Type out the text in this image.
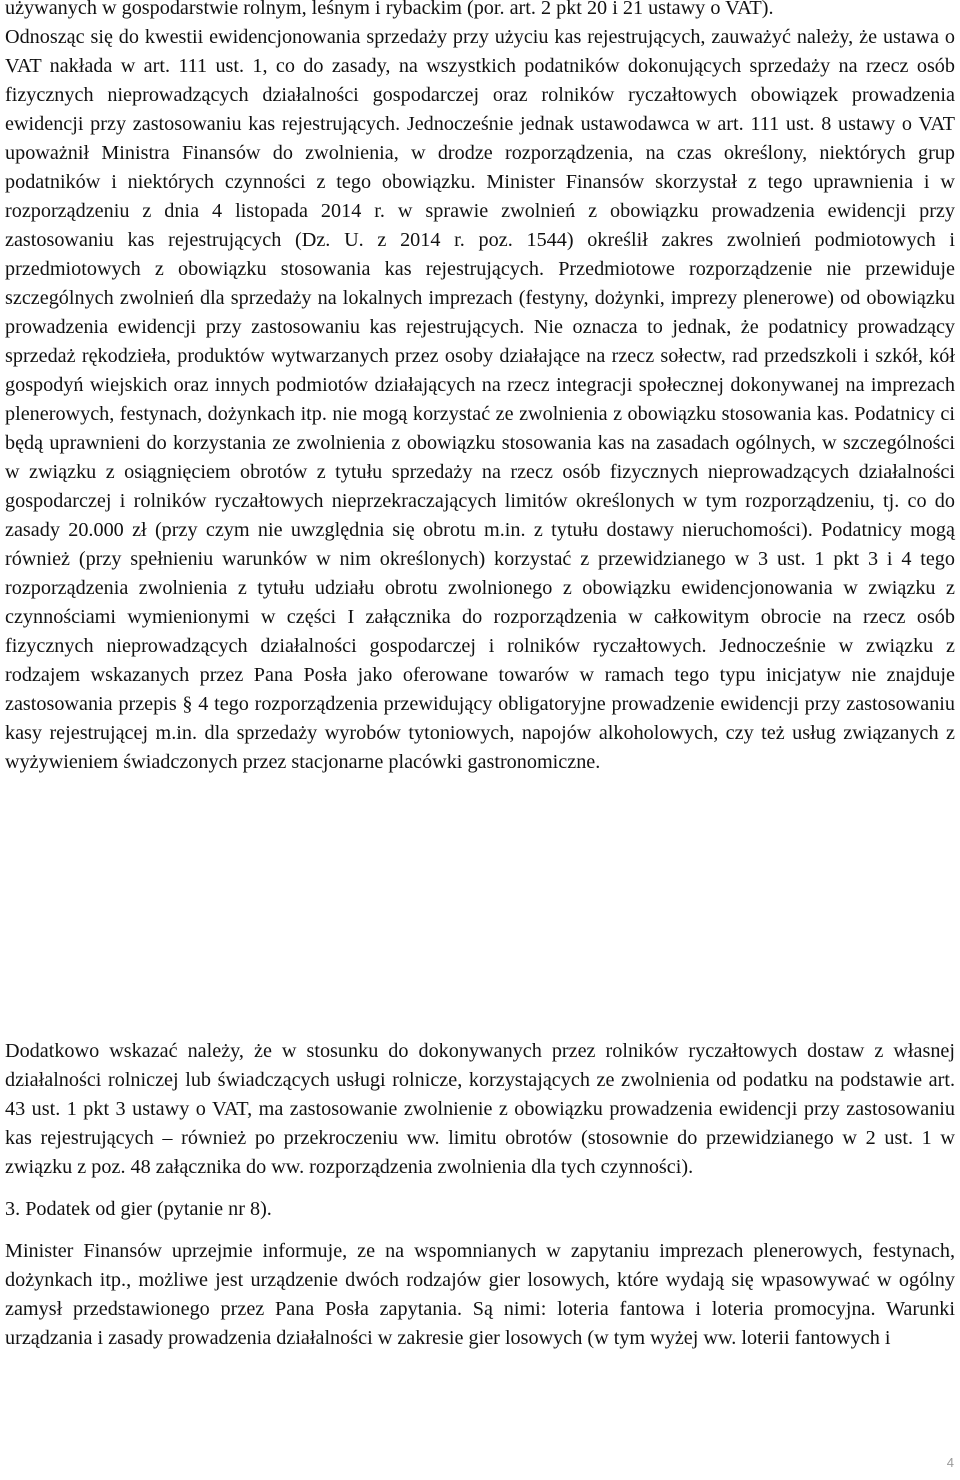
używanych w gospodarstwie rolnym, leśnym i rybackim (por. art. 2 pkt 20 i 21 ustawy o VAT).

Odnosząc się do kwestii ewidencjonowania sprzedaży przy użyciu kas rejestrujących, zauważyć należy, że ustawa o VAT nakłada w art. 111 ust. 1, co do zasady, na wszystkich podatników dokonujących sprzedaży na rzecz osób fizycznych nieprowadzących działalności gospodarczej oraz rolników ryczałtowych obowiązek prowadzenia ewidencji przy zastosowaniu kas rejestrujących. Jednocześnie jednak ustawodawca w art. 111 ust. 8 ustawy o VAT upoważnił Ministra Finansów do zwolnienia, w drodze rozporządzenia, na czas określony, niektórych grup podatników i niektórych czynności z tego obowiązku. Minister Finansów skorzystał z tego uprawnienia i w rozporządzeniu z dnia 4 listopada 2014 r. w sprawie zwolnień z obowiązku prowadzenia ewidencji przy zastosowaniu kas rejestrujących (Dz. U. z 2014 r. poz. 1544) określił zakres zwolnień podmiotowych i przedmiotowych z obowiązku stosowania kas rejestrujących. Przedmiotowe rozporządzenie nie przewiduje szczególnych zwolnień dla sprzedaży na lokalnych imprezach (festyny, dożynki, imprezy plenerowe) od obowiązku prowadzenia ewidencji przy zastosowaniu kas rejestrujących. Nie oznacza to jednak, że podatnicy prowadzący sprzedaż rękodzieła, produktów wytwarzanych przez osoby działające na rzecz sołectw, rad przedszkoli i szkół, kół gospodyń wiejskich oraz innych podmiotów działających na rzecz integracji społecznej dokonywanej na imprezach plenerowych, festynach, dożynkach itp. nie mogą korzystać ze zwolnienia z obowiązku stosowania kas. Podatnicy ci będą uprawnieni do korzystania ze zwolnienia z obowiązku stosowania kas na zasadach ogólnych, w szczególności w związku z osiągnięciem obrotów z tytułu sprzedaży na rzecz osób fizycznych nieprowadzących działalności gospodarczej i rolników ryczałtowych nieprzekraczających limitów określonych w tym rozporządzeniu, tj. co do zasady 20.000 zł (przy czym nie uwzględnia się obrotu m.in. z tytułu dostawy nieruchomości). Podatnicy mogą również (przy spełnieniu warunków w nim określonych) korzystać z przewidzianego w 3 ust. 1 pkt 3 i 4 tego rozporządzenia zwolnienia z tytułu udziału obrotu zwolnionego z obowiązku ewidencjonowania w związku z czynnościami wymienionymi w części I załącznika do rozporządzenia w całkowitym obrocie na rzecz osób fizycznych nieprowadzących działalności gospodarczej i rolników ryczałtowych. Jednocześnie w związku z rodzajem wskazanych przez Pana Posła jako oferowane towarów w ramach tego typu inicjatyw nie znajduje zastosowania przepis § 4 tego rozporządzenia przewidujący obligatoryjne prowadzenie ewidencji przy zastosowaniu kasy rejestrującej m.in. dla sprzedaży wyrobów tytoniowych, napojów alkoholowych, czy też usług związanych z wyżywieniem świadczonych przez stacjonarne placówki gastronomiczne.

Dodatkowo wskazać należy, że w stosunku do dokonywanych przez rolników ryczałtowych dostaw z własnej działalności rolniczej lub świadczących usługi rolnicze, korzystających ze zwolnienia od podatku na podstawie art. 43 ust. 1 pkt 3 ustawy o VAT, ma zastosowanie zwolnienie z obowiązku prowadzenia ewidencji przy zastosowaniu kas rejestrujących – również po przekroczeniu ww. limitu obrotów (stosownie do przewidzianego w 2 ust. 1 w związku z poz. 48 załącznika do ww. rozporządzenia zwolnienia dla tych czynności).

3. Podatek od gier (pytanie nr 8).

Minister Finansów uprzejmie informuje, ze na wspomnianych w zapytaniu imprezach plenerowych, festynach, dożynkach itp., możliwe jest urządzenie dwóch rodzajów gier losowych, które wydają się wpasowywać w ogólny zamysł przedstawionego przez Pana Posła zapytania. Są nimi: loteria fantowa i loteria promocyjna. Warunki urządzania i zasady prowadzenia działalności w zakresie gier losowych (w tym wyżej ww. loterii fantowych i

4
